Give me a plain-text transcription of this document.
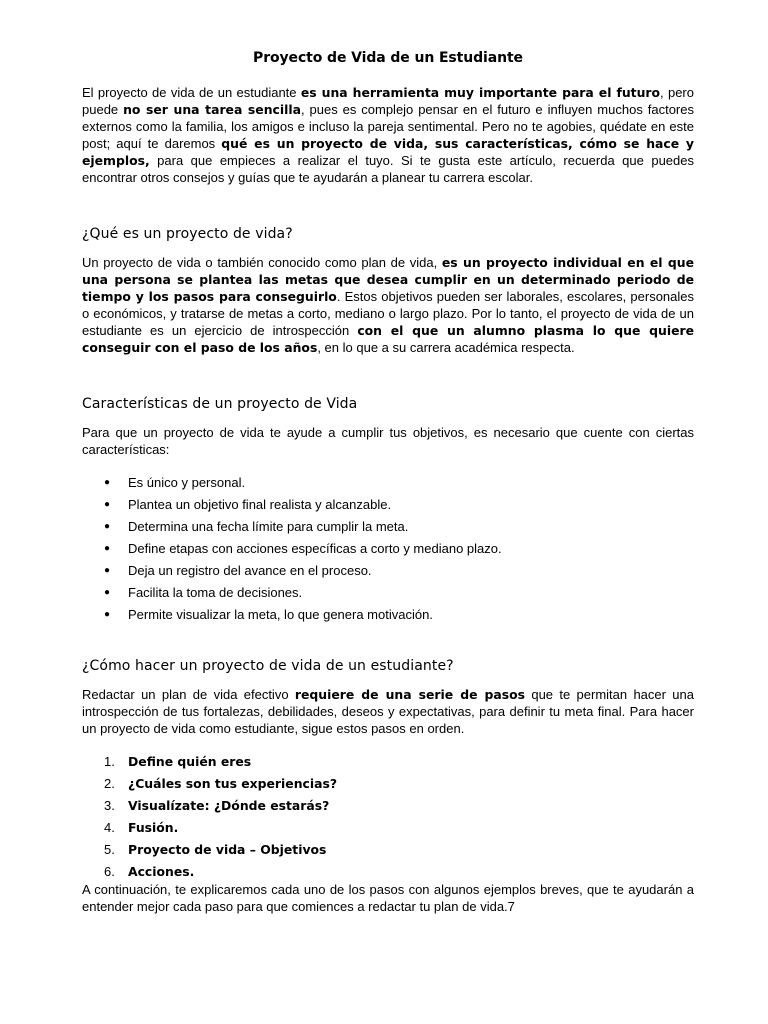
Proyecto de Vida de un Estudiante

El proyecto de vida de un estudiante es una herramienta muy importante para el futuro, pero puede no ser una tarea sencilla, pues es complejo pensar en el futuro e influyen muchos factores externos como la familia, los amigos e incluso la pareja sentimental. Pero no te agobies, quédate en este post; aquí te daremos qué es un proyecto de vida, sus características, cómo se hace y ejemplos, para que empieces a realizar el tuyo. Si te gusta este artículo, recuerda que puedes encontrar otros consejos y guías que te ayudarán a planear tu carrera escolar.

¿Qué es un proyecto de vida?

Un proyecto de vida o también conocido como plan de vida, es un proyecto individual en el que una persona se plantea las metas que desea cumplir en un determinado periodo de tiempo y los pasos para conseguirlo. Estos objetivos pueden ser laborales, escolares, personales o económicos, y tratarse de metas a corto, mediano o largo plazo. Por lo tanto, el proyecto de vida de un estudiante es un ejercicio de introspección con el que un alumno plasma lo que quiere conseguir con el paso de los años, en lo que a su carrera académica respecta.

Características de un proyecto de Vida

Para que un proyecto de vida te ayude a cumplir tus objetivos, es necesario que cuente con ciertas características:

● Es único y personal.
● Plantea un objetivo final realista y alcanzable.
● Determina una fecha límite para cumplir la meta.
● Define etapas con acciones específicas a corto y mediano plazo.
● Deja un registro del avance en el proceso.
● Facilita la toma de decisiones.
● Permite visualizar la meta, lo que genera motivación.
¿Cómo hacer un proyecto de vida de un estudiante?

Redactar un plan de vida efectivo requiere de una serie de pasos que te permitan hacer una introspección de tus fortalezas, debilidades, deseos y expectativas, para definir tu meta final. Para hacer un proyecto de vida como estudiante, sigue estos pasos en orden.

1. Define quién eres
2. ¿Cuáles son tus experiencias?
3. Visualízate: ¿Dónde estarás?
4. Fusión.
5. Proyecto de vida – Objetivos
6. Acciones.

A continuación, te explicaremos cada uno de los pasos con algunos ejemplos breves, que te ayudarán a entender mejor cada paso para que comiences a redactar tu plan de vida.7
